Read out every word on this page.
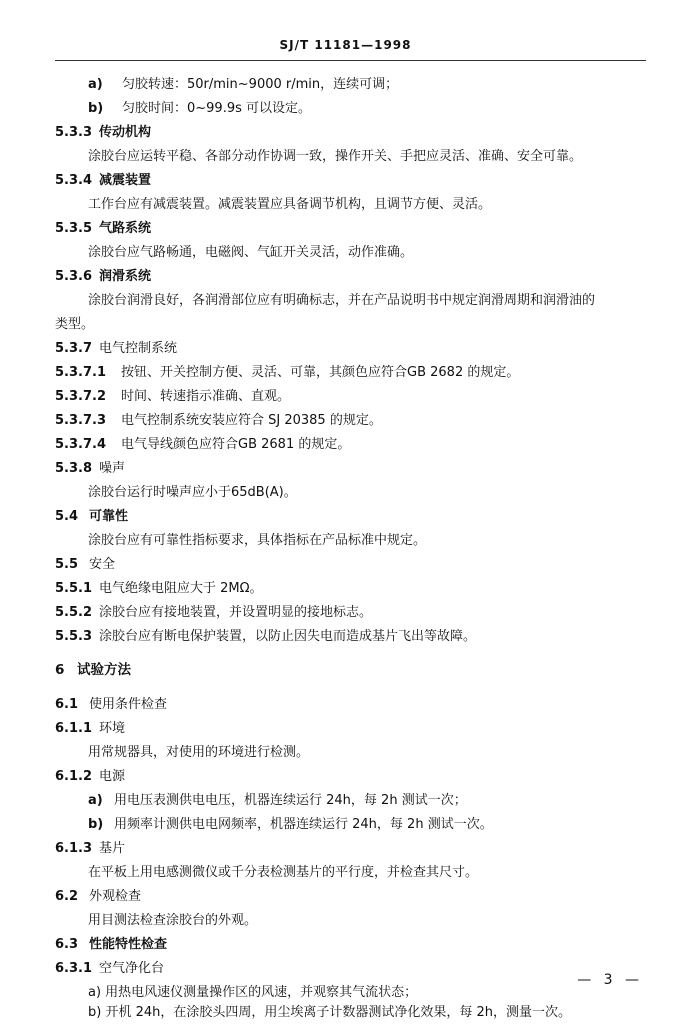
SJ/T 11181—1998
a) 匀胶转速：50r/min~9000 r/min，连续可调；
b) 匀胶时间：0~99.9s 可以设定。
5.3.3 传动机构
涂胶台应运转平稳、各部分动作协调一致，操作开关、手把应灵活、准确、安全可靠。
5.3.4 减震装置
工作台应有减震装置。减震装置应具备调节机构，且调节方便、灵活。
5.3.5 气路系统
涂胶台应气路畅通，电磁阀、气缸开关灵活，动作准确。
5.3.6 润滑系统
涂胶台润滑良好，各润滑部位应有明确标志，并在产品说明书中规定润滑周期和润滑油的
类型。
5.3.7 电气控制系统
5.3.7.1 按钮、开关控制方便、灵活、可靠，其颜色应符合GB 2682 的规定。
5.3.7.2 时间、转速指示准确、直观。
5.3.7.3 电气控制系统安装应符合 SJ 20385 的规定。
5.3.7.4 电气导线颜色应符合GB 2681 的规定。
5.3.8 噪声
涂胶台运行时噪声应小于65dB(A)。
5.4 可靠性
涂胶台应有可靠性指标要求，具体指标在产品标准中规定。
5.5 安全
5.5.1 电气绝缘电阻应大于 2MΩ。
5.5.2 涂胶台应有接地装置，并设置明显的接地标志。
5.5.3 涂胶台应有断电保护装置，以防止因失电而造成基片飞出等故障。
6 试验方法
6.1 使用条件检查
6.1.1 环境
用常规器具，对使用的环境进行检测。
6.1.2 电源
a) 用电压表测供电电压，机器连续运行 24h，每 2h 测试一次；
b) 用频率计测供电电网频率，机器连续运行 24h，每 2h 测试一次。
6.1.3 基片
在平板上用电感测微仪或千分表检测基片的平行度，并检查其尺寸。
6.2 外观检查
用目测法检查涂胶台的外观。
6.3 性能特性检查
6.3.1 空气净化台
a) 用热电风速仪测量操作区的风速，并观察其气流状态；
b) 开机 24h，在涂胶头四周，用尘埃离子计数器测试净化效果，每 2h，测量一次。
— 3 —
